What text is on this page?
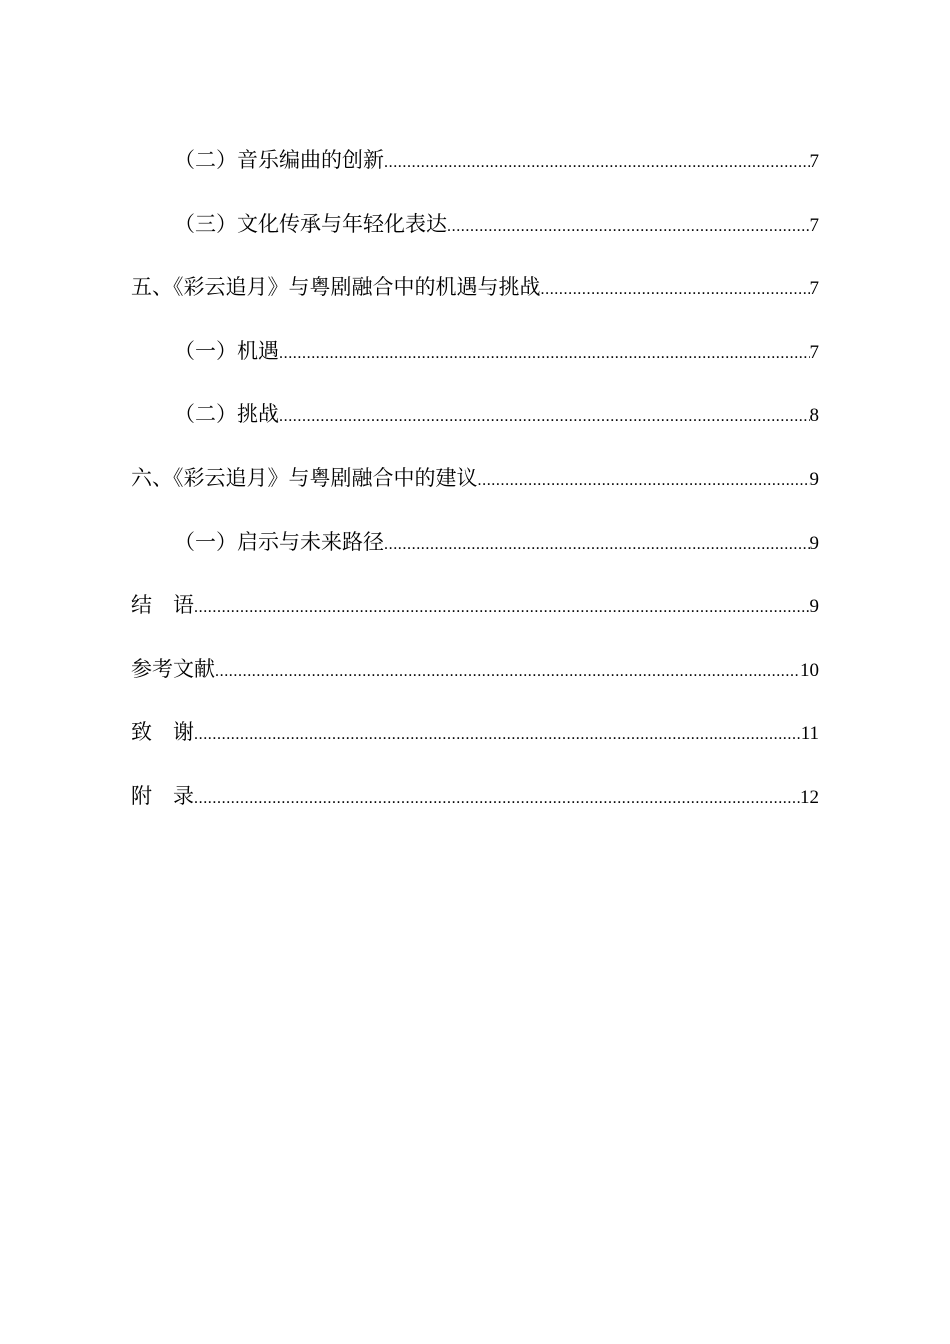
（二）音乐编曲的创新 .....	7
（三）文化传承与年轻化表达 .....	7
五、《彩云追月》与粤剧融合中的机遇与挑战 .....	7
（一）机遇 .....	7
（二）挑战 .....	8
六、《彩云追月》与粤剧融合中的建议 .....	9
（一）启示与未来路径 .....	9
结　语 .....	9
参考文献 .....	10
致　谢 .....	11
附　录 .....	12
